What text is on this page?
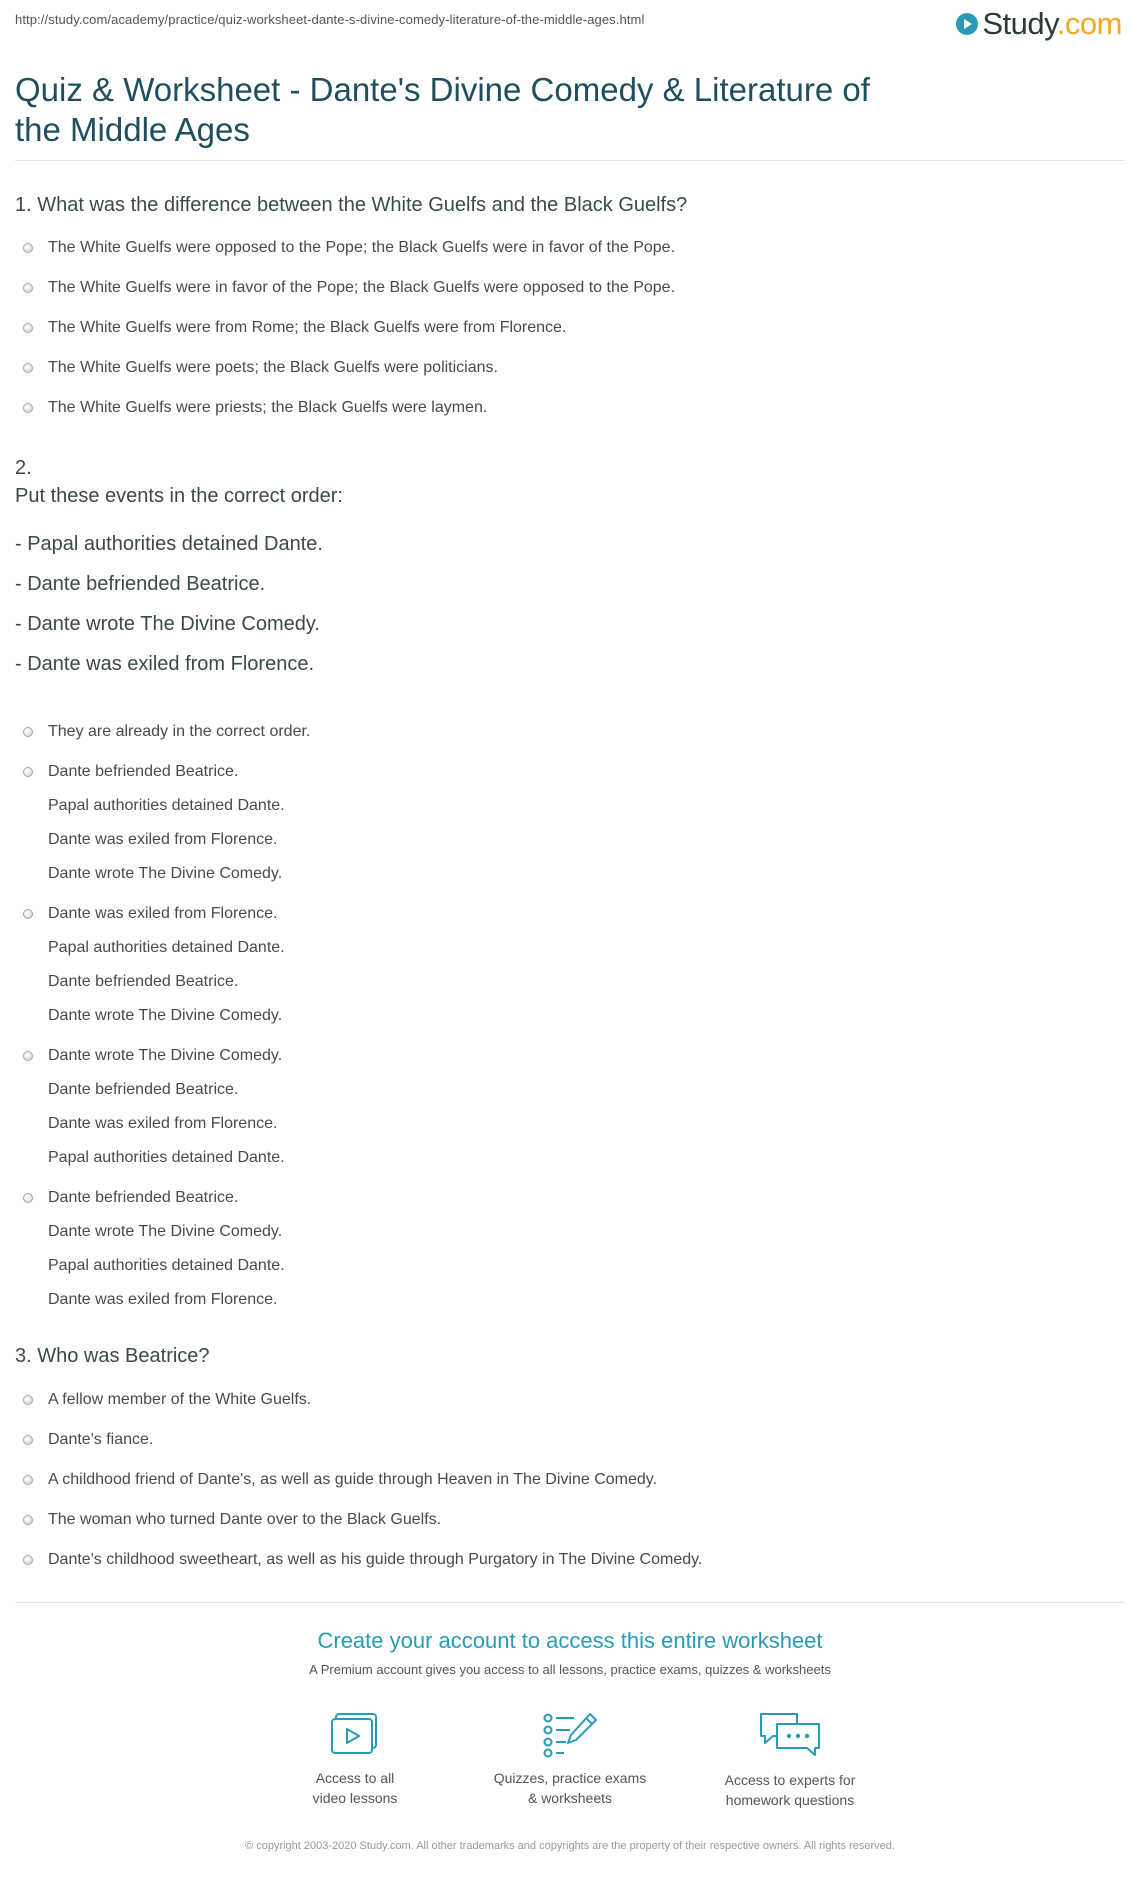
http://study.com/academy/practice/quiz-worksheet-dante-s-divine-comedy-literature-of-the-middle-ages.html	Study.com
Quiz & Worksheet - Dante's Divine Comedy & Literature of the Middle Ages
1. What was the difference between the White Guelfs and the Black Guelfs?
The White Guelfs were opposed to the Pope; the Black Guelfs were in favor of the Pope.
The White Guelfs were in favor of the Pope; the Black Guelfs were opposed to the Pope.
The White Guelfs were from Rome; the Black Guelfs were from Florence.
The White Guelfs were poets; the Black Guelfs were politicians.
The White Guelfs were priests; the Black Guelfs were laymen.
2.
Put these events in the correct order:
- Papal authorities detained Dante.
- Dante befriended Beatrice.
- Dante wrote The Divine Comedy.
- Dante was exiled from Florence.
They are already in the correct order.
Dante befriended Beatrice.
Papal authorities detained Dante.
Dante was exiled from Florence.
Dante wrote The Divine Comedy.
Dante was exiled from Florence.
Papal authorities detained Dante.
Dante befriended Beatrice.
Dante wrote The Divine Comedy.
Dante wrote The Divine Comedy.
Dante befriended Beatrice.
Dante was exiled from Florence.
Papal authorities detained Dante.
Dante befriended Beatrice.
Dante wrote The Divine Comedy.
Papal authorities detained Dante.
Dante was exiled from Florence.
3. Who was Beatrice?
A fellow member of the White Guelfs.
Dante's fiance.
A childhood friend of Dante's, as well as guide through Heaven in The Divine Comedy.
The woman who turned Dante over to the Black Guelfs.
Dante's childhood sweetheart, as well as his guide through Purgatory in The Divine Comedy.
Create your account to access this entire worksheet
A Premium account gives you access to all lessons, practice exams, quizzes & worksheets
Access to all
video lessons
Quizzes, practice exams
& worksheets
Access to experts for
homework questions
© copyright 2003-2020 Study.com. All other trademarks and copyrights are the property of their respective owners. All rights reserved.
